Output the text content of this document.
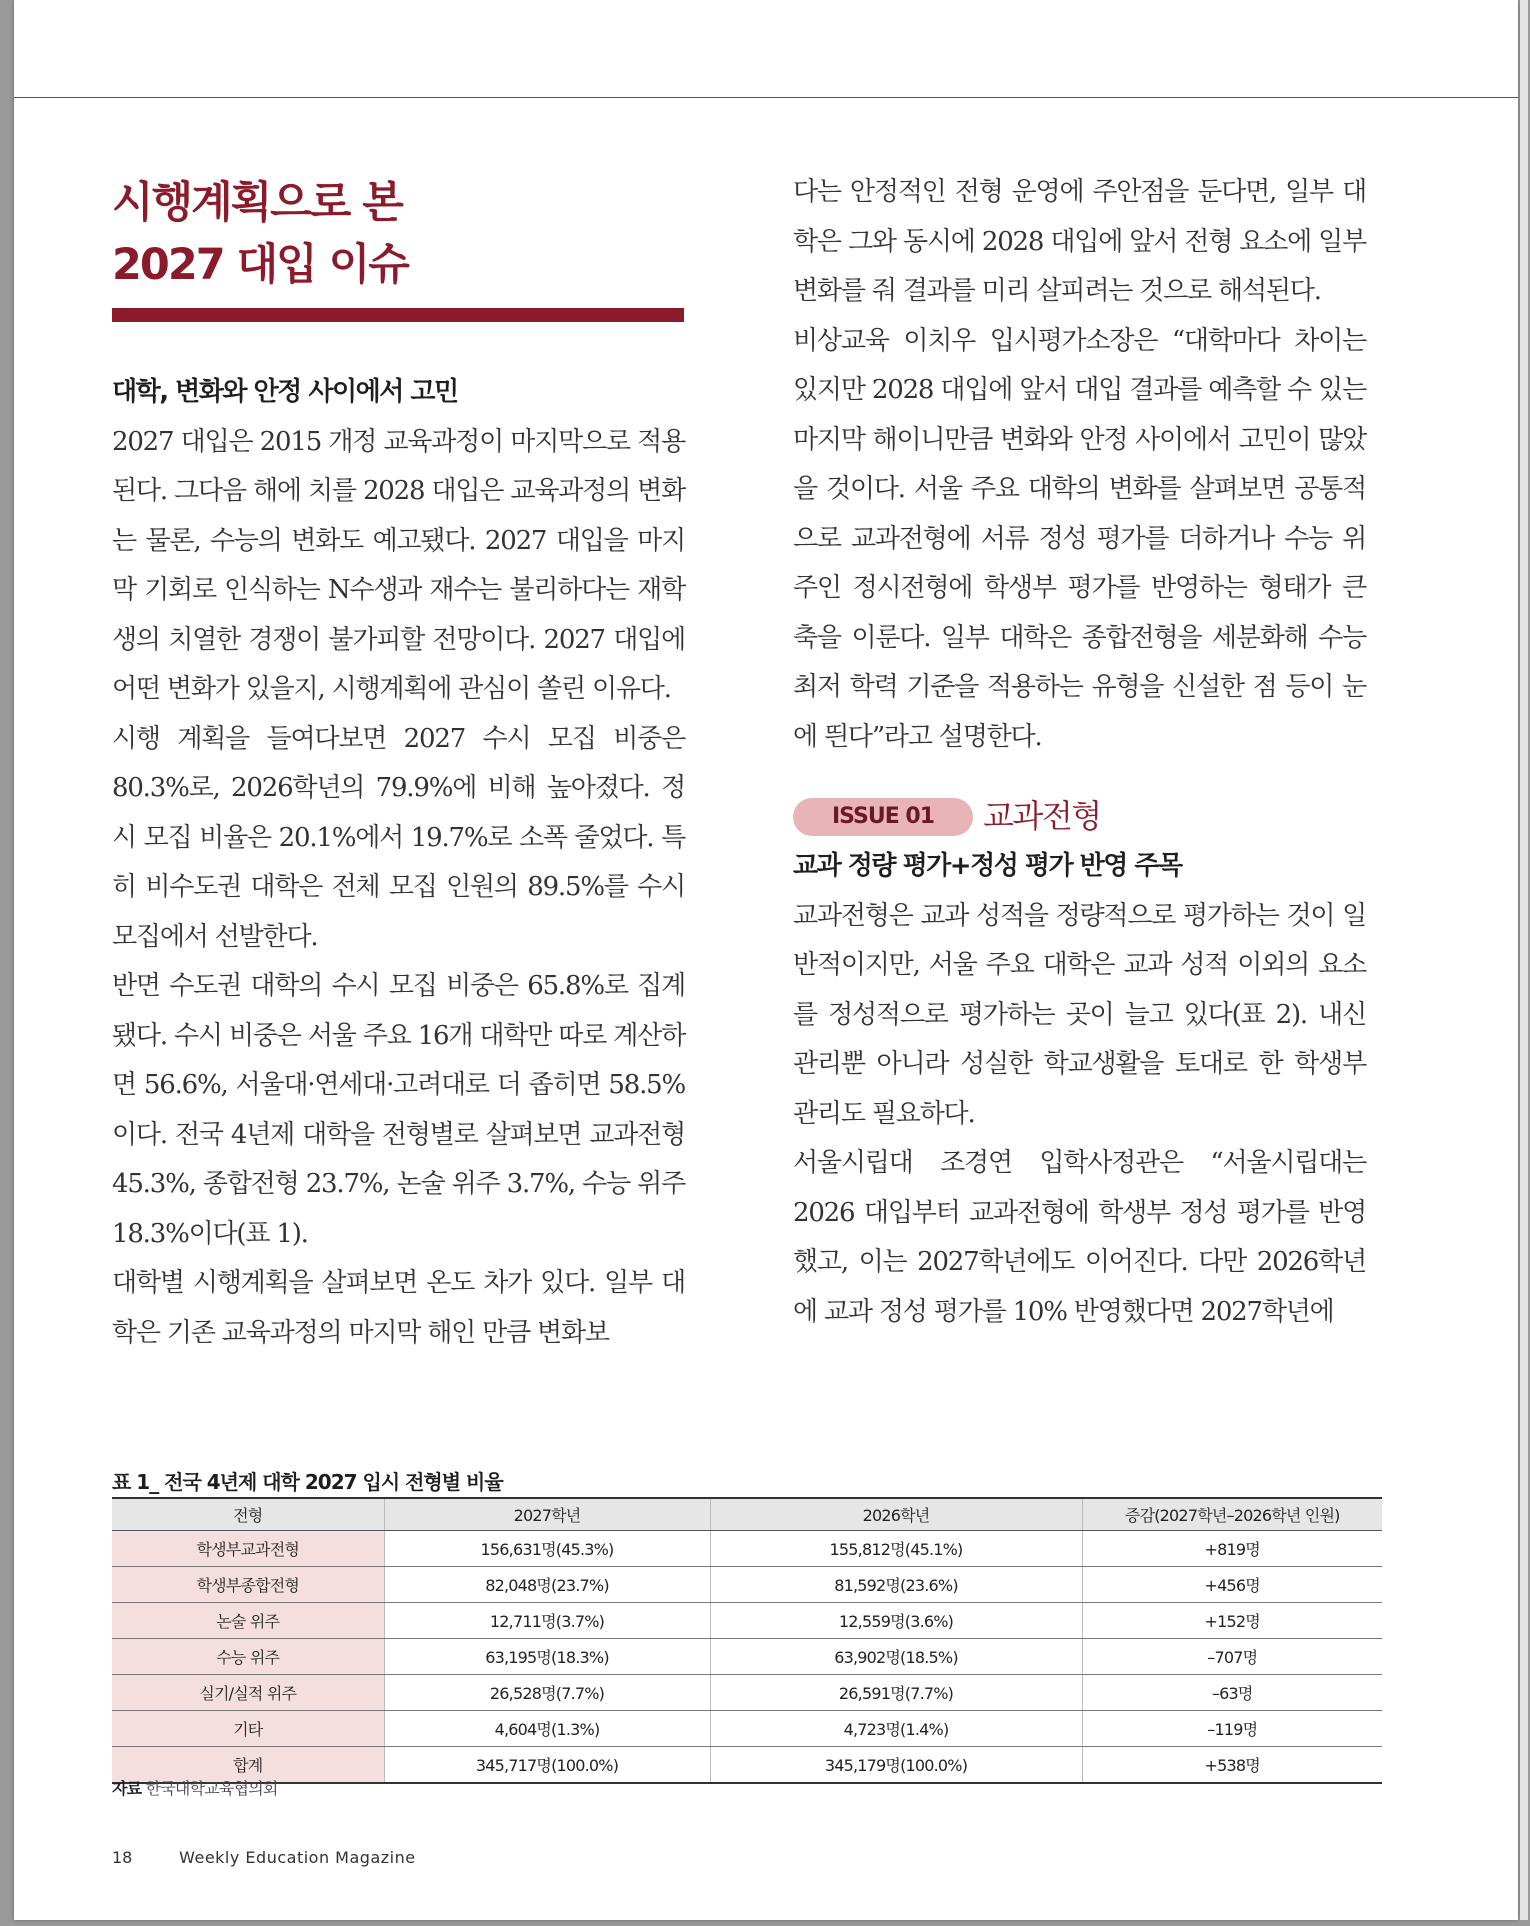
시행계획으로 본
2027 대입 이슈
대학, 변화와 안정 사이에서 고민

2027 대입은 2015 개정 교육과정이 마지막으로 적용된다. 그다음 해에 치를 2028 대입은 교육과정의 변화는 물론, 수능의 변화도 예고됐다. 2027 대입을 마지막 기회로 인식하는 N수생과 재수는 불리하다는 재학생의 치열한 경쟁이 불가피할 전망이다. 2027 대입에 어떤 변화가 있을지, 시행계획에 관심이 쏠린 이유다.

시행 계획을 들여다보면 2027 수시 모집 비중은 80.3%로, 2026학년의 79.9%에 비해 높아졌다. 정시 모집 비율은 20.1%에서 19.7%로 소폭 줄었다. 특히 비수도권 대학은 전체 모집 인원의 89.5%를 수시 모집에서 선발한다.

반면 수도권 대학의 수시 모집 비중은 65.8%로 집계됐다. 수시 비중은 서울 주요 16개 대학만 따로 계산하면 56.6%, 서울대·연세대·고려대로 더 좁히면 58.5%이다. 전국 4년제 대학을 전형별로 살펴보면 교과전형 45.3%, 종합전형 23.7%, 논술 위주 3.7%, 수능 위주 18.3%이다(표 1).

대학별 시행계획을 살펴보면 온도 차가 있다. 일부 대학은 기존 교육과정의 마지막 해인 만큼 변화보

다는 안정적인 전형 운영에 주안점을 둔다면, 일부 대학은 그와 동시에 2028 대입에 앞서 전형 요소에 일부 변화를 줘 결과를 미리 살피려는 것으로 해석된다.

비상교육 이치우 입시평가소장은 “대학마다 차이는 있지만 2028 대입에 앞서 대입 결과를 예측할 수 있는 마지막 해이니만큼 변화와 안정 사이에서 고민이 많았을 것이다. 서울 주요 대학의 변화를 살펴보면 공통적으로 교과전형에 서류 정성 평가를 더하거나 수능 위주인 정시전형에 학생부 평가를 반영하는 형태가 큰 축을 이룬다. 일부 대학은 종합전형을 세분화해 수능 최저 학력 기준을 적용하는 유형을 신설한 점 등이 눈에 띈다”라고 설명한다.

ISSUE 01	교과전형
교과 정량 평가+정성 평가 반영 주목

교과전형은 교과 성적을 정량적으로 평가하는 것이 일반적이지만, 서울 주요 대학은 교과 성적 이외의 요소를 정성적으로 평가하는 곳이 늘고 있다(표 2). 내신 관리뿐 아니라 성실한 학교생활을 토대로 한 학생부 관리도 필요하다.

서울시립대 조경연 입학사정관은 “서울시립대는 2026 대입부터 교과전형에 학생부 정성 평가를 반영했고, 이는 2027학년에도 이어진다. 다만 2026학년에 교과 정성 평가를 10% 반영했다면 2027학년에

표 1_ 전국 4년제 대학 2027 입시 전형별 비율

전형	2027학년	2026학년	증감(2027학년–2026학년 인원)
학생부교과전형	156,631명(45.3%)	155,812명(45.1%)	+819명
학생부종합전형	82,048명(23.7%)	81,592명(23.6%)	+456명
논술 위주	12,711명(3.7%)	12,559명(3.6%)	+152명
수능 위주	63,195명(18.3%)	63,902명(18.5%)	–707명
실기/실적 위주	26,528명(7.7%)	26,591명(7.7%)	–63명
기타	4,604명(1.3%)	4,723명(1.4%)	–119명
합계	345,717명(100.0%)	345,179명(100.0%)	+538명

자료 한국대학교육협의회

18	Weekly Education Magazine
